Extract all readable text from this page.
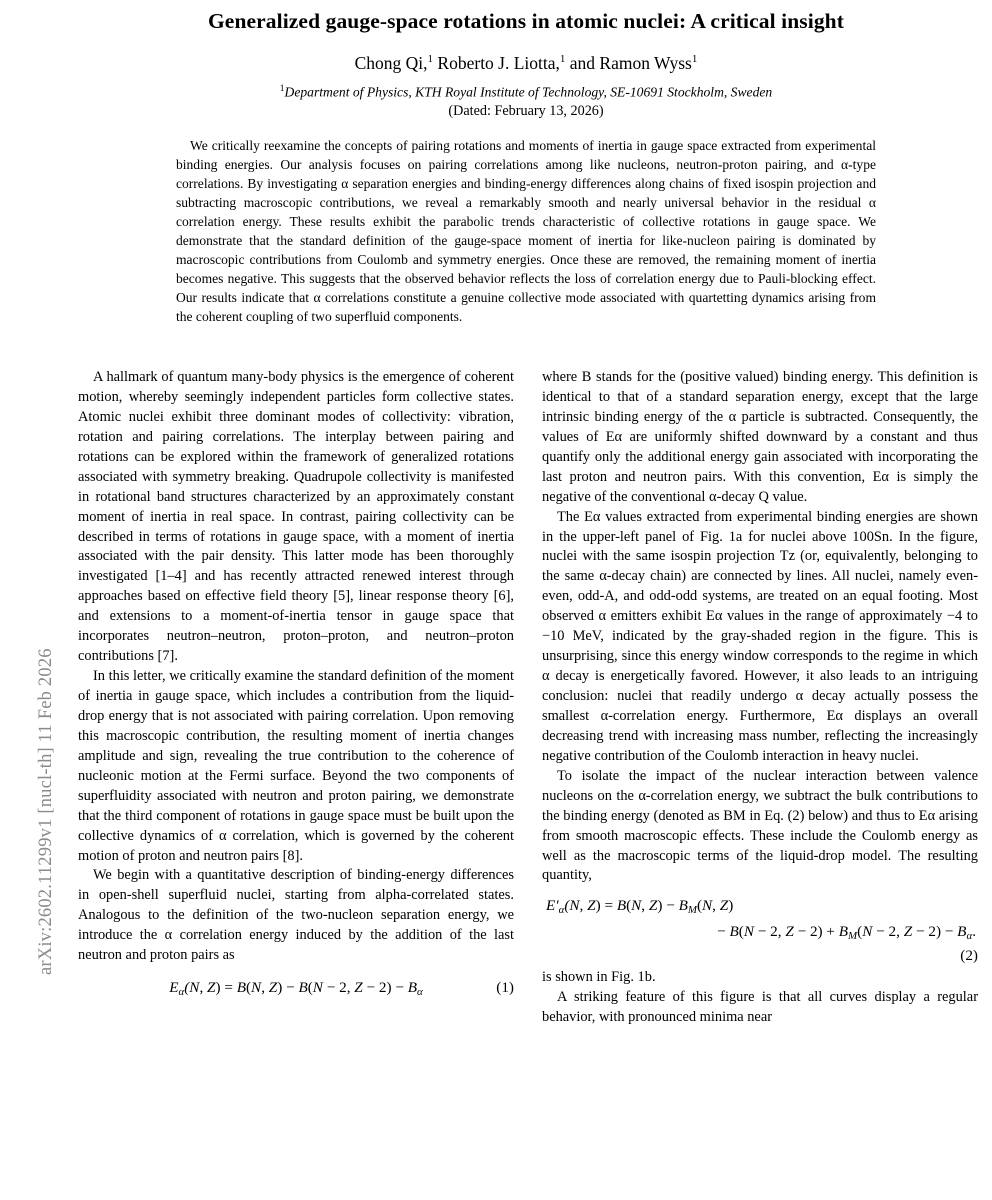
arXiv:2602.11299v1 [nucl-th] 11 Feb 2026
Generalized gauge-space rotations in atomic nuclei: A critical insight
Chong Qi,$^1$ Roberto J. Liotta,$^1$ and Ramon Wyss$^1$
$^1$Department of Physics, KTH Royal Institute of Technology, SE-10691 Stockholm, Sweden
(Dated: February 13, 2026)
We critically reexamine the concepts of pairing rotations and moments of inertia in gauge space extracted from experimental binding energies. Our analysis focuses on pairing correlations among like nucleons, neutron-proton pairing, and α-type correlations. By investigating α separation energies and binding-energy differences along chains of fixed isospin projection and subtracting macroscopic contributions, we reveal a remarkably smooth and nearly universal behavior in the residual α correlation energy. These results exhibit the parabolic trends characteristic of collective rotations in gauge space. We demonstrate that the standard definition of the gauge-space moment of inertia for like-nucleon pairing is dominated by macroscopic contributions from Coulomb and symmetry energies. Once these are removed, the remaining moment of inertia becomes negative. This suggests that the observed behavior reflects the loss of correlation energy due to Pauli-blocking effect. Our results indicate that α correlations constitute a genuine collective mode associated with quartetting dynamics arising from the coherent coupling of two superfluid components.

A hallmark of quantum many-body physics is the emergence of coherent motion, whereby seemingly independent particles form collective states. Atomic nuclei exhibit three dominant modes of collectivity: vibration, rotation and pairing correlations. The interplay between pairing and rotations can be explored within the framework of generalized rotations associated with symmetry breaking. Quadrupole collectivity is manifested in rotational band structures characterized by an approximately constant moment of inertia in real space. In contrast, pairing collectivity can be described in terms of rotations in gauge space, with a moment of inertia associated with the pair density. This latter mode has been thoroughly investigated [1–4] and has recently attracted renewed interest through approaches based on effective field theory [5], linear response theory [6], and extensions to a moment-of-inertia tensor in gauge space that incorporates neutron–neutron, proton–proton, and neutron–proton contributions [7].

In this letter, we critically examine the standard definition of the moment of inertia in gauge space, which includes a contribution from the liquid-drop energy that is not associated with pairing correlation. Upon removing this macroscopic contribution, the resulting moment of inertia changes amplitude and sign, revealing the true contribution to the coherence of nucleonic motion at the Fermi surface. Beyond the two components of superfluidity associated with neutron and proton pairing, we demonstrate that the third component of rotations in gauge space must be built upon the collective dynamics of α correlation, which is governed by the coherent motion of proton and neutron pairs [8].

We begin with a quantitative description of binding-energy differences in open-shell superfluid nuclei, starting from alpha-correlated states. Analogous to the definition of the two-nucleon separation energy, we introduce the α correlation energy induced by the addition of the last neutron and proton pairs as

$E_\alpha(N$, Z) = B(N, Z) − B(N − 2, $Z - 2) - B_\alpha$	(1)

where B stands for the (positive valued) binding energy. This definition is identical to that of a standard separation energy, except that the large intrinsic binding energy of the α particle is subtracted. Consequently, the values of Eα are uniformly shifted downward by a constant and thus quantify only the additional energy gain associated with incorporating the last proton and neutron pairs. With this convention, Eα is simply the negative of the conventional α-decay Q value.

The Eα values extracted from experimental binding energies are shown in the upper-left panel of Fig. 1a for nuclei above 100Sn. In the figure, nuclei with the same isospin projection Tz (or, equivalently, belonging to the same α-decay chain) are connected by lines. All nuclei, namely even-even, odd-A, and odd-odd systems, are treated on an equal footing. Most observed α emitters exhibit Eα values in the range of approximately −4 to −10 MeV, indicated by the gray-shaded region in the figure. This is unsurprising, since this energy window corresponds to the regime in which α decay is energetically favored. However, it also leads to an intriguing conclusion: nuclei that readily undergo α decay actually possess the smallest α-correlation energy. Furthermore, Eα displays an overall decreasing trend with increasing mass number, reflecting the increasingly negative contribution of the Coulomb interaction in heavy nuclei.

To isolate the impact of the nuclear interaction between valence nucleons on the α-correlation energy, we subtract the bulk contributions to the binding energy (denoted as BM in Eq. (2) below) and thus to Eα arising from smooth macroscopic effects. These include the Coulomb energy as well as the macroscopic terms of the liquid-drop model. The resulting quantity,

$E'_\alpha(N$, Z) = B(N, $Z) - B_M(N$, Z)
− B(N − 2, $Z - 2) + B_M(N - 2$, $Z - 2) - B_\alpha$.
(2)

is shown in Fig. 1b.

A striking feature of this figure is that all curves display a regular behavior, with pronounced minima near
